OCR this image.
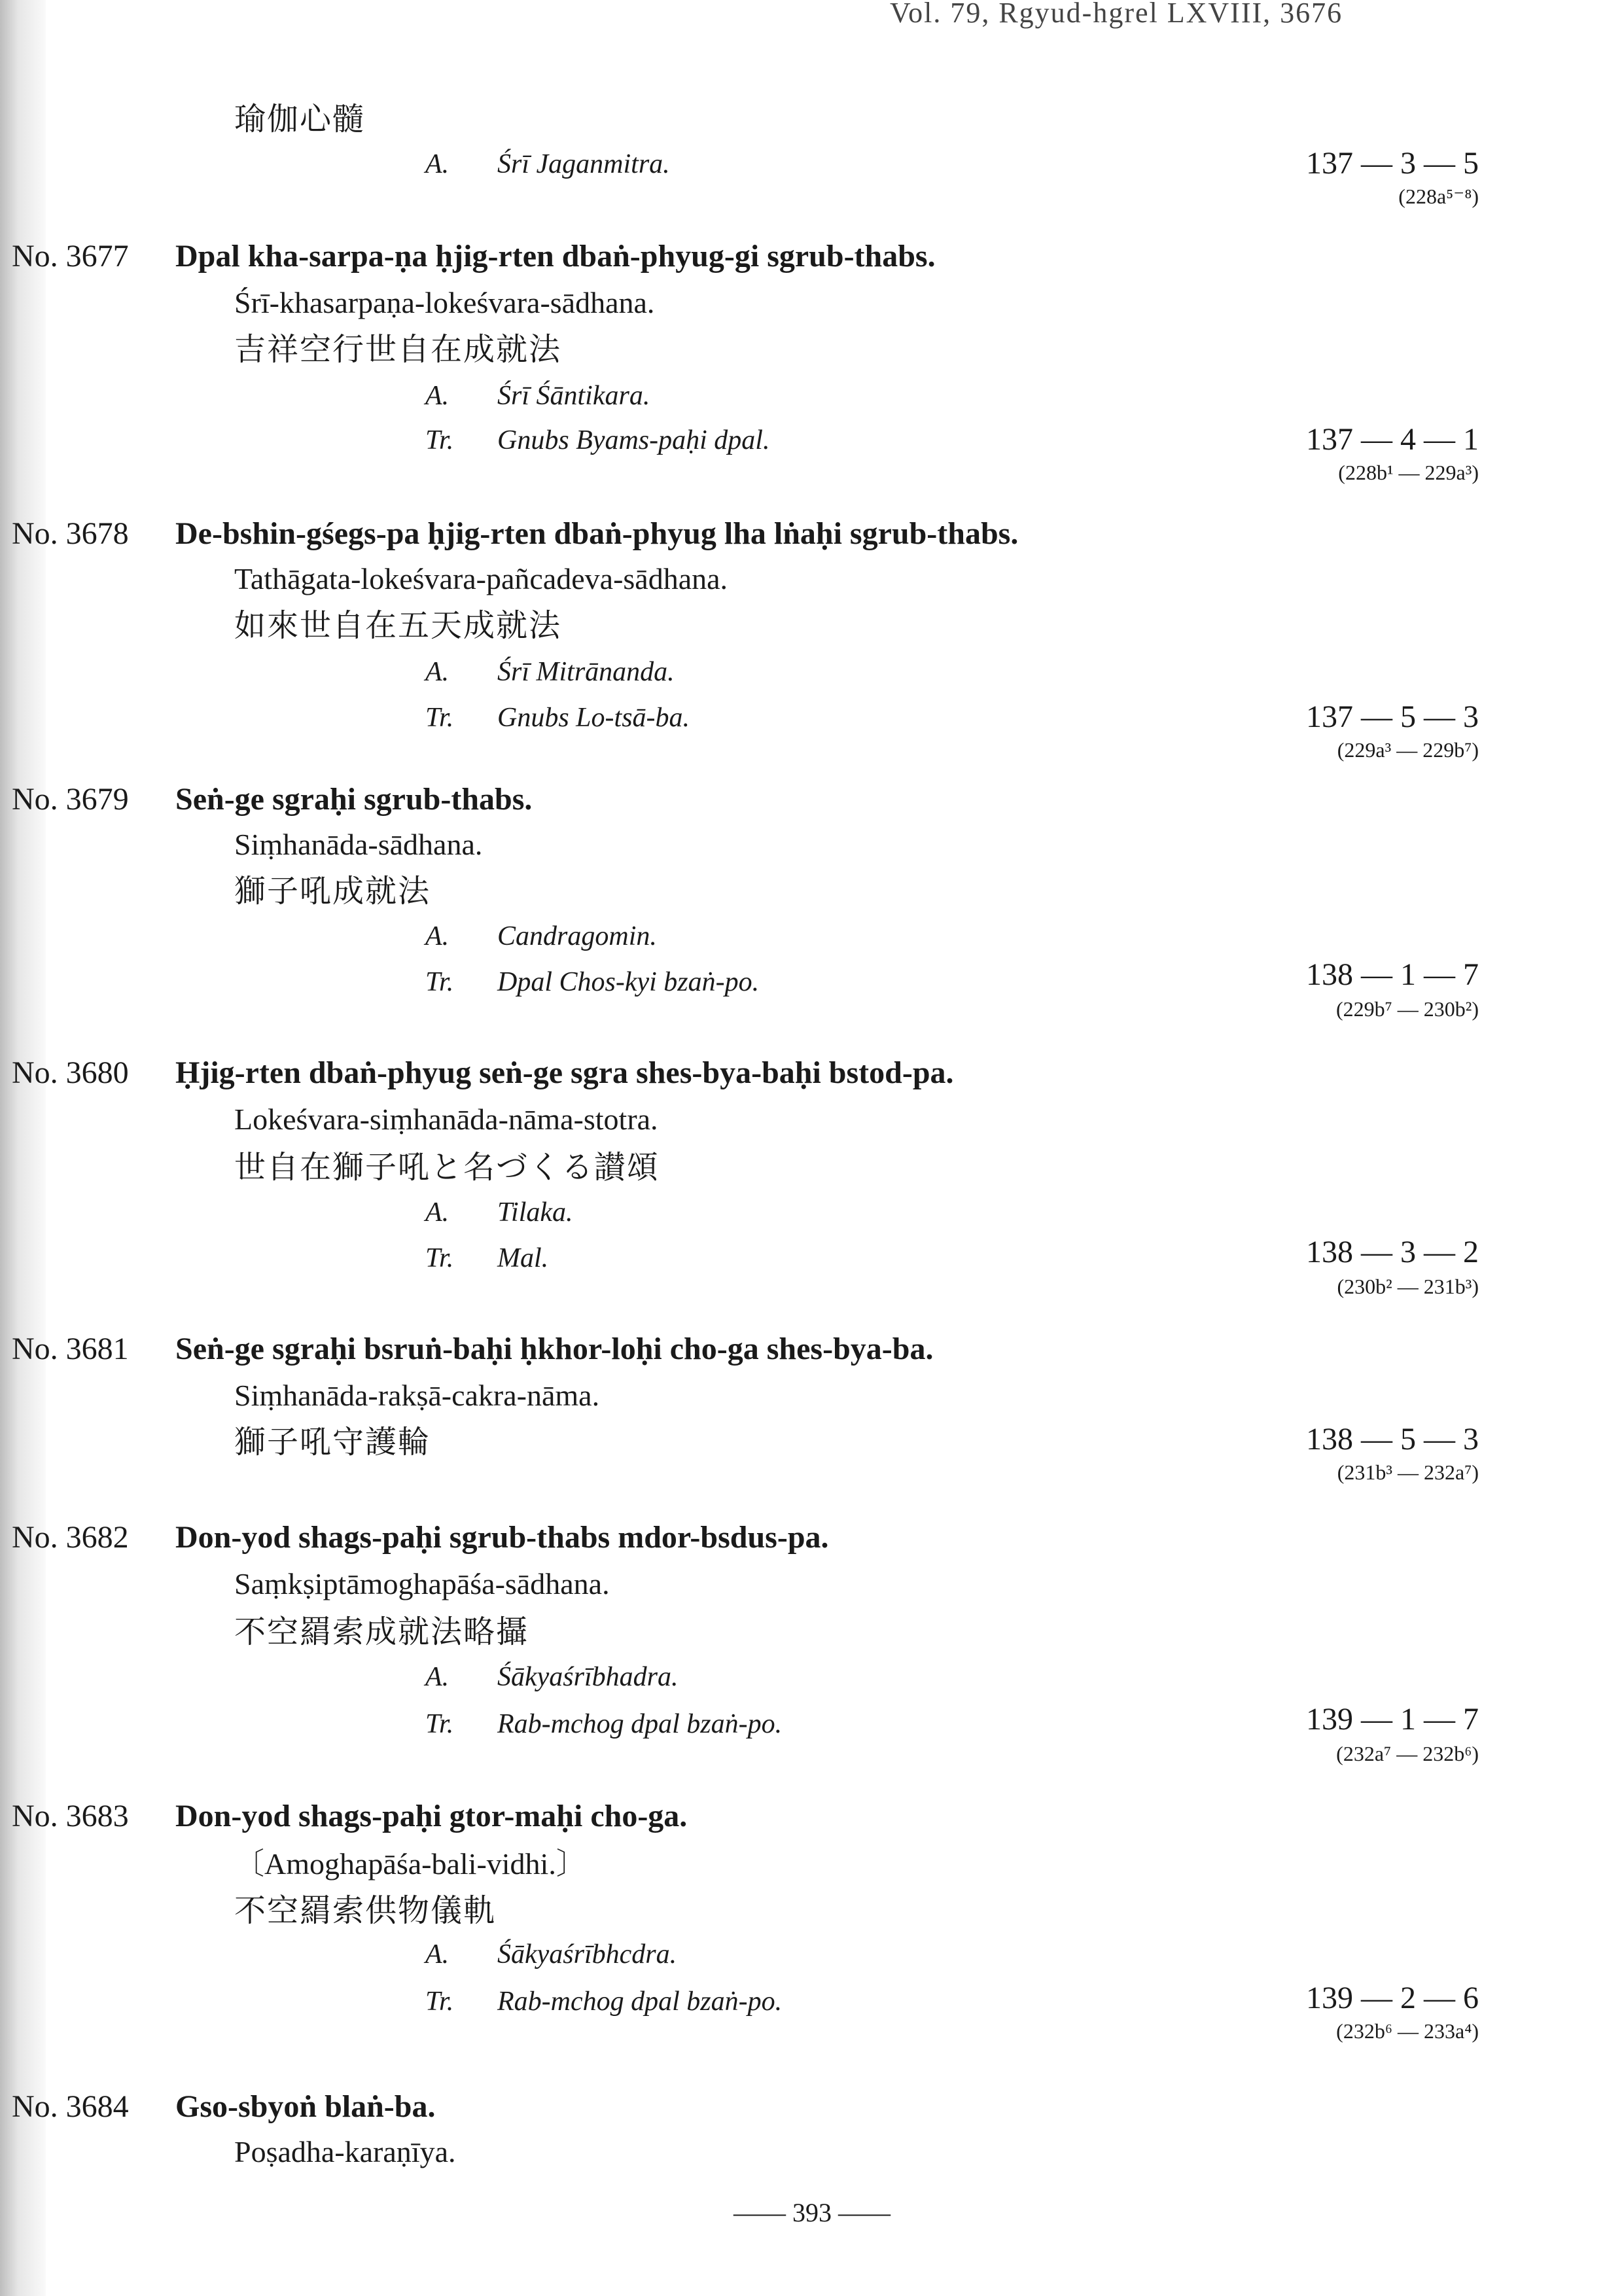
Vol. 79, Rgyud-hgrel LXVIII, 3676
瑜伽心髓
A. Śrī Jaganmitra.	137 — 3 — 5
(228a⁵⁻⁸)
No. 3677 Dpal kha-sarpa-ṇa ḥjig-rten dbaṅ-phyug-gi sgrub-thabs.
Śrī-khasarpaṇa-lokeśvara-sādhana.
吉祥空行世自在成就法
A. Śrī Śāntikara.
Tr. Gnubs Byams-paḥi dpal.	137 — 4 — 1
(228b¹ — 229a³)
No. 3678 De-bshin-gśegs-pa ḥjig-rten dbaṅ-phyug lha lṅaḥi sgrub-thabs.
Tathāgata-lokeśvara-pañcadeva-sādhana.
如來世自在五天成就法
A. Śrī Mitrānanda.
Tr. Gnubs Lo-tsā-ba.	137 — 5 — 3
(229a³ — 229b⁷)
No. 3679 Seṅ-ge sgraḥi sgrub-thabs.
Siṃhanāda-sādhana.
獅子吼成就法
A. Candragomin.
Tr. Dpal Chos-kyi bzaṅ-po.	138 — 1 — 7
(229b⁷ — 230b²)
No. 3680 Ḥjig-rten dbaṅ-phyug seṅ-ge sgra shes-bya-baḥi bstod-pa.
Lokeśvara-siṃhanāda-nāma-stotra.
世自在獅子吼と名づくる讃頌
A. Tilaka.
Tr. Mal.	138 — 3 — 2
(230b² — 231b³)
No. 3681 Seṅ-ge sgraḥi bsruṅ-baḥi ḥkhor-loḥi cho-ga shes-bya-ba.
Siṃhanāda-rakṣā-cakra-nāma.
獅子吼守護輪	138 — 5 — 3
(231b³ — 232a⁷)
No. 3682 Don-yod shags-paḥi sgrub-thabs mdor-bsdus-pa.
Saṃkṣiptāmoghapāśa-sādhana.
不空羂索成就法略攝
A. Śākyaśrībhadra.
Tr. Rab-mchog dpal bzaṅ-po.	139 — 1 — 7
(232a⁷ — 232b⁶)
No. 3683 Don-yod shags-paḥi gtor-maḥi cho-ga.
〔Amoghapāśa-bali-vidhi.〕
不空羂索供物儀軌
A. Śākyaśrībhcdra.
Tr. Rab-mchog dpal bzaṅ-po.	139 — 2 — 6
(232b⁶ — 233a⁴)
No. 3684 Gso-sbyoṅ blaṅ-ba.
Poṣadha-karaṇīya.
—— 393 ——
